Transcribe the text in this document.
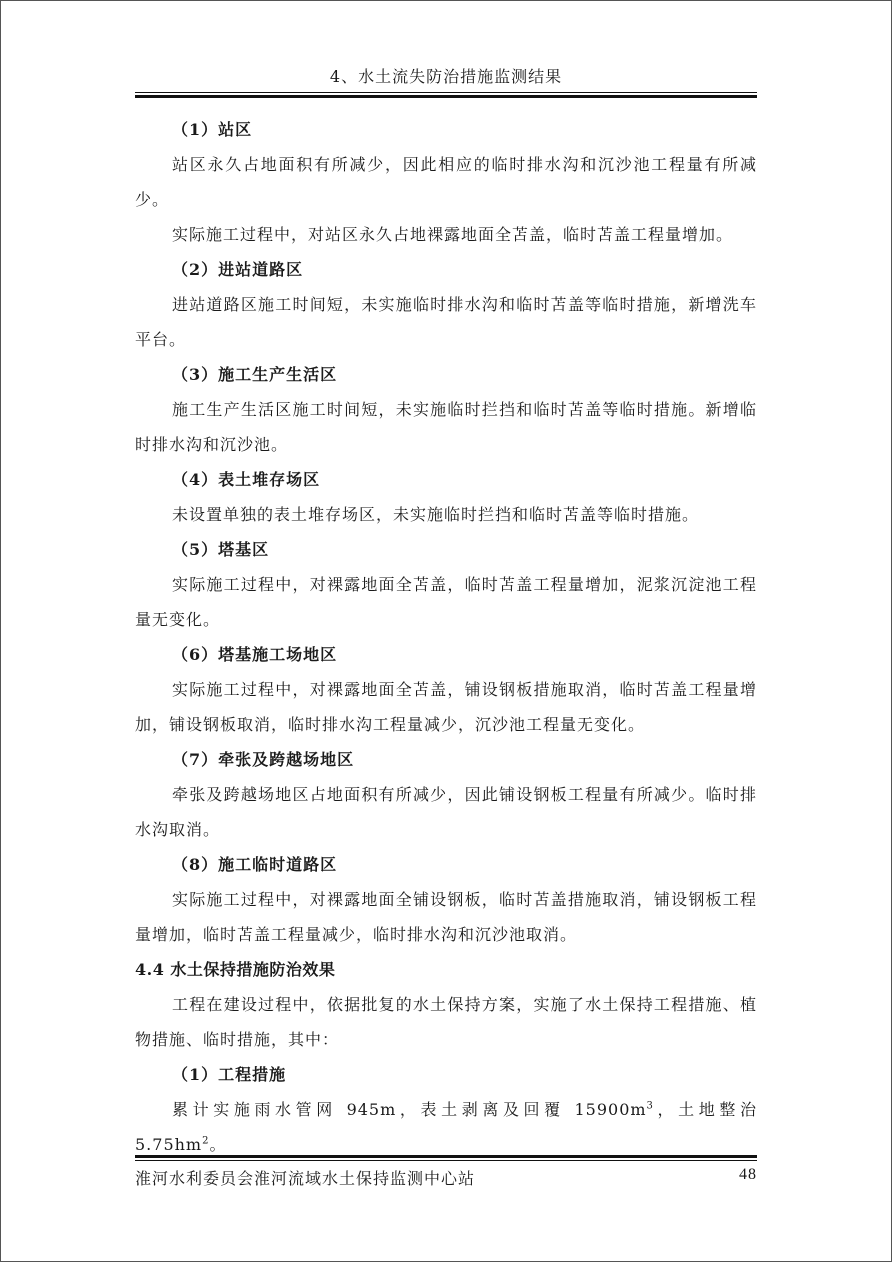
4、水土流失防治措施监测结果

（1）站区

站区永久占地面积有所减少，因此相应的临时排水沟和沉沙池工程量有所减少。

实际施工过程中，对站区永久占地裸露地面全苫盖，临时苫盖工程量增加。

（2）进站道路区

进站道路区施工时间短，未实施临时排水沟和临时苫盖等临时措施，新增洗车平台。

（3）施工生产生活区

施工生产生活区施工时间短，未实施临时拦挡和临时苫盖等临时措施。新增临时排水沟和沉沙池。

（4）表土堆存场区

未设置单独的表土堆存场区，未实施临时拦挡和临时苫盖等临时措施。

（5）塔基区

实际施工过程中，对裸露地面全苫盖，临时苫盖工程量增加，泥浆沉淀池工程量无变化。

（6）塔基施工场地区

实际施工过程中，对裸露地面全苫盖，铺设钢板措施取消，临时苫盖工程量增加，铺设钢板取消，临时排水沟工程量减少，沉沙池工程量无变化。

（7）牵张及跨越场地区

牵张及跨越场地区占地面积有所减少，因此铺设钢板工程量有所减少。临时排水沟取消。

（8）施工临时道路区

实际施工过程中，对裸露地面全铺设钢板，临时苫盖措施取消，铺设钢板工程量增加，临时苫盖工程量减少，临时排水沟和沉沙池取消。

4.4 水土保持措施防治效果

工程在建设过程中，依据批复的水土保持方案，实施了水土保持工程措施、植物措施、临时措施，其中：

（1）工程措施

累计实施雨水管网 945m，表土剥离及回覆 $15900m^3$，土地整治 $5.75hm^2$。

淮河水利委员会淮河流域水土保持监测中心站	48
